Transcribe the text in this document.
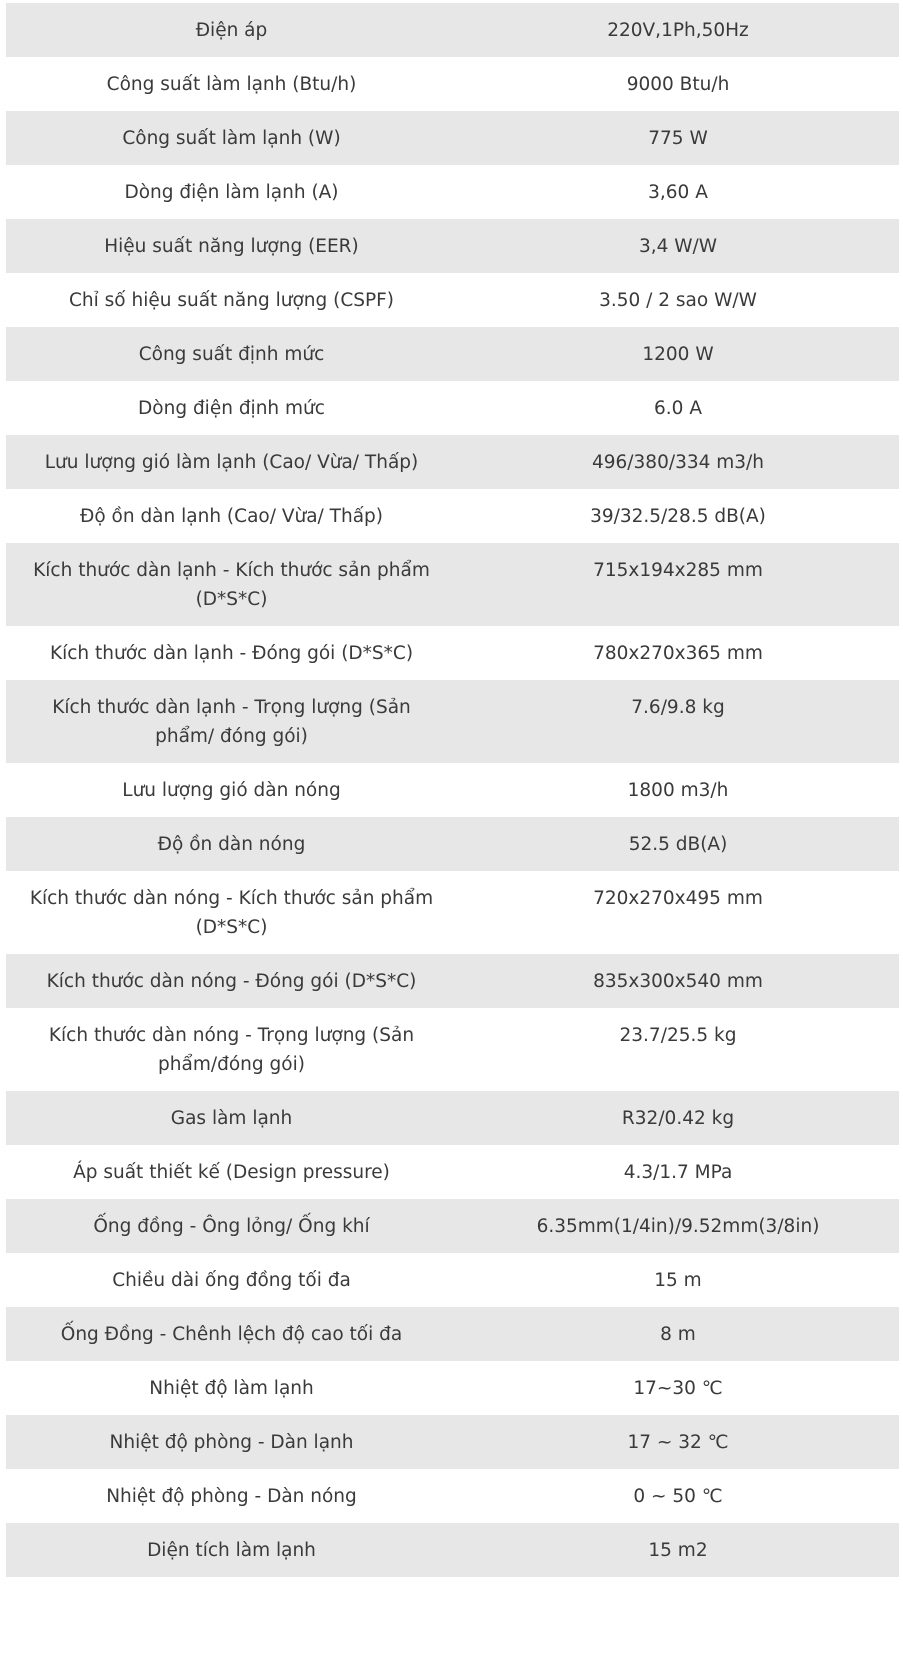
Điện áp	220V,1Ph,50Hz
Công suất làm lạnh (Btu/h)	9000 Btu/h
Công suất làm lạnh (W)	775 W
Dòng điện làm lạnh (A)	3,60 A
Hiệu suất năng lượng (EER)	3,4 W/W
Chỉ số hiệu suất năng lượng (CSPF)	3.50 / 2 sao W/W
Công suất định mức	1200 W
Dòng điện định mức	6.0 A
Lưu lượng gió làm lạnh (Cao/ Vừa/ Thấp)	496/380/334 m3/h
Độ ồn dàn lạnh (Cao/ Vừa/ Thấp)	39/32.5/28.5 dB(A)
Kích thước dàn lạnh - Kích thước sản phẩm (D*S*C)	715x194x285 mm
Kích thước dàn lạnh - Đóng gói (D*S*C)	780x270x365 mm
Kích thước dàn lạnh - Trọng lượng (Sản phẩm/ đóng gói)	7.6/9.8 kg
Lưu lượng gió dàn nóng	1800 m3/h
Độ ồn dàn nóng	52.5 dB(A)
Kích thước dàn nóng - Kích thước sản phẩm (D*S*C)	720x270x495 mm
Kích thước dàn nóng - Đóng gói (D*S*C)	835x300x540 mm
Kích thước dàn nóng - Trọng lượng (Sản phẩm/đóng gói)	23.7/25.5 kg
Gas làm lạnh	R32/0.42 kg
Áp suất thiết kế (Design pressure)	4.3/1.7 MPa
Ống đồng - Ông lỏng/ Ống khí	6.35mm(1/4in)/9.52mm(3/8in)
Chiều dài ống đồng tối đa	15 m
Ống Đồng - Chênh lệch độ cao tối đa	8 m
Nhiệt độ làm lạnh	17~30 ℃
Nhiệt độ phòng - Dàn lạnh	17 ~ 32 ℃
Nhiệt độ phòng - Dàn nóng	0 ~ 50 ℃
Diện tích làm lạnh	15 m2
